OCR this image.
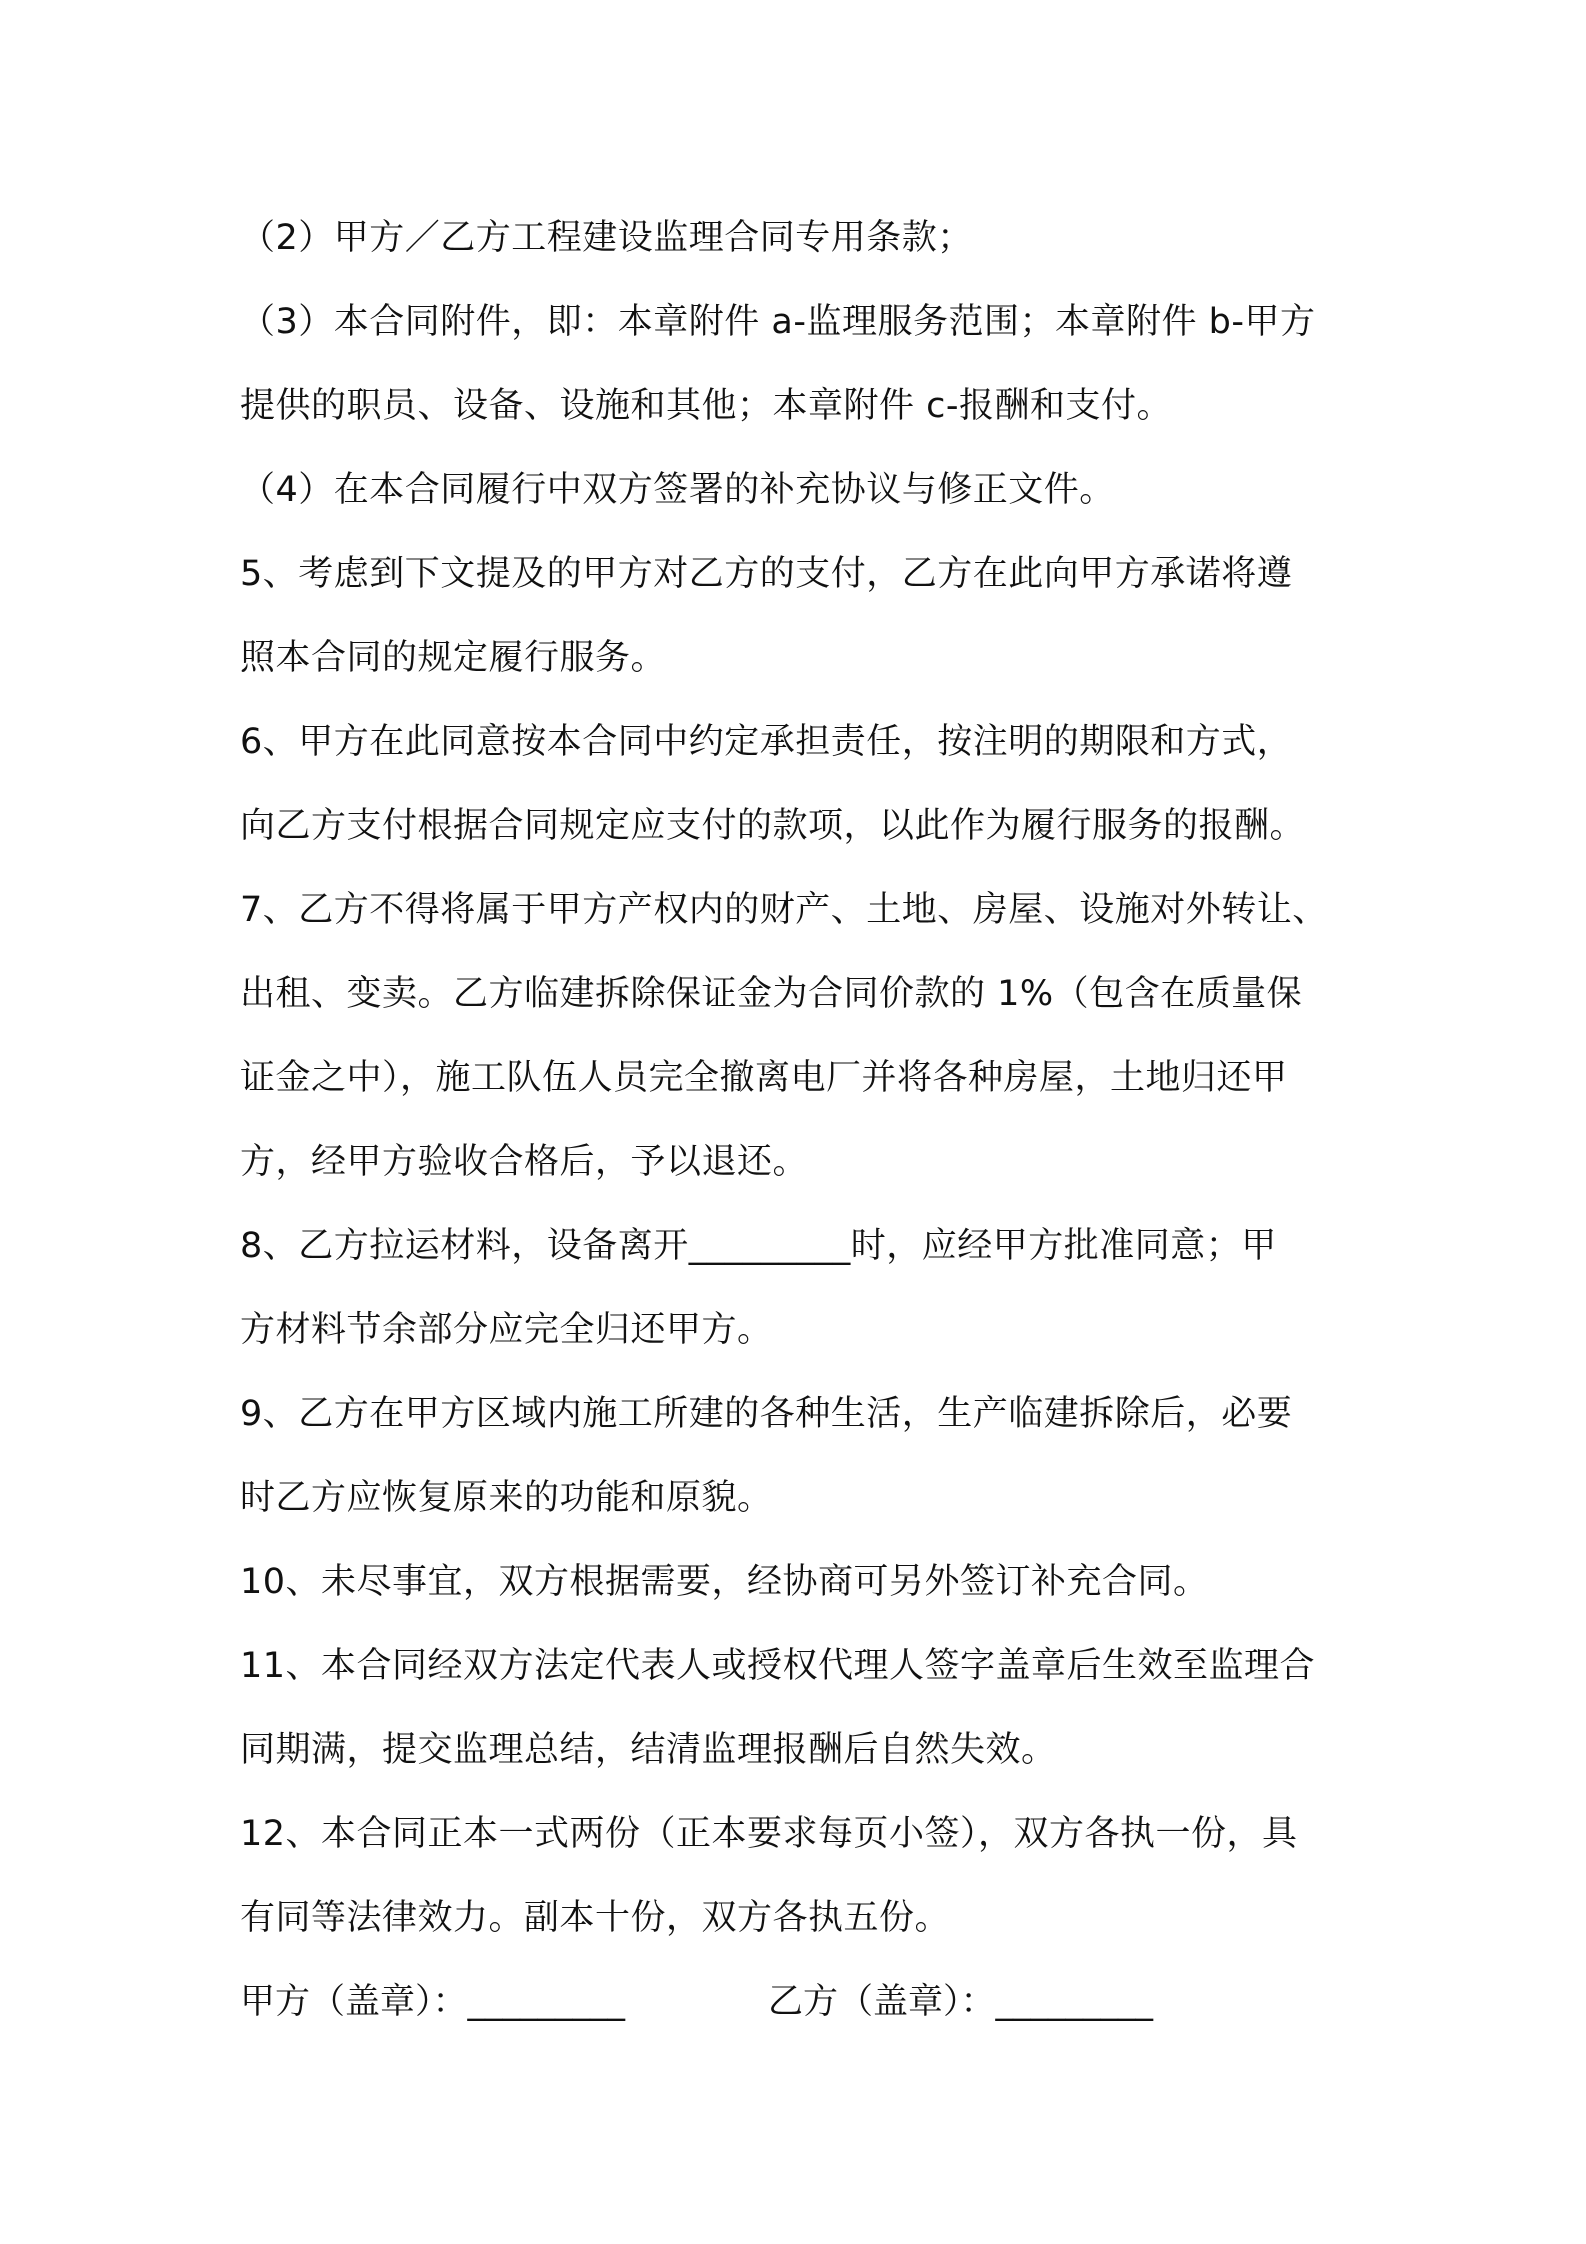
（2）甲方／乙方工程建设监理合同专用条款；
（3）本合同附件，即：本章附件 a-监理服务范围；本章附件 b-甲方
提供的职员、设备、设施和其他；本章附件 c-报酬和支付。
（4）在本合同履行中双方签署的补充协议与修正文件。
5、考虑到下文提及的甲方对乙方的支付，乙方在此向甲方承诺将遵
照本合同的规定履行服务。
6、甲方在此同意按本合同中约定承担责任，按注明的期限和方式，
向乙方支付根据合同规定应支付的款项，以此作为履行服务的报酬。
7、乙方不得将属于甲方产权内的财产、土地、房屋、设施对外转让、
出租、变卖。乙方临建拆除保证金为合同价款的 1%（包含在质量保
证金之中），施工队伍人员完全撤离电厂并将各种房屋，土地归还甲
方，经甲方验收合格后，予以退还。
8、乙方拉运材料，设备离开_________时，应经甲方批准同意；甲
方材料节余部分应完全归还甲方。
9、乙方在甲方区域内施工所建的各种生活，生产临建拆除后，必要
时乙方应恢复原来的功能和原貌。
10、未尽事宜，双方根据需要，经协商可另外签订补充合同。
11、本合同经双方法定代表人或授权代理人签字盖章后生效至监理合
同期满，提交监理总结，结清监理报酬后自然失效。
12、本合同正本一式两份（正本要求每页小签），双方各执一份，具
有同等法律效力。副本十份，双方各执五份。
甲方（盖章）：_________	乙方（盖章）：_________
